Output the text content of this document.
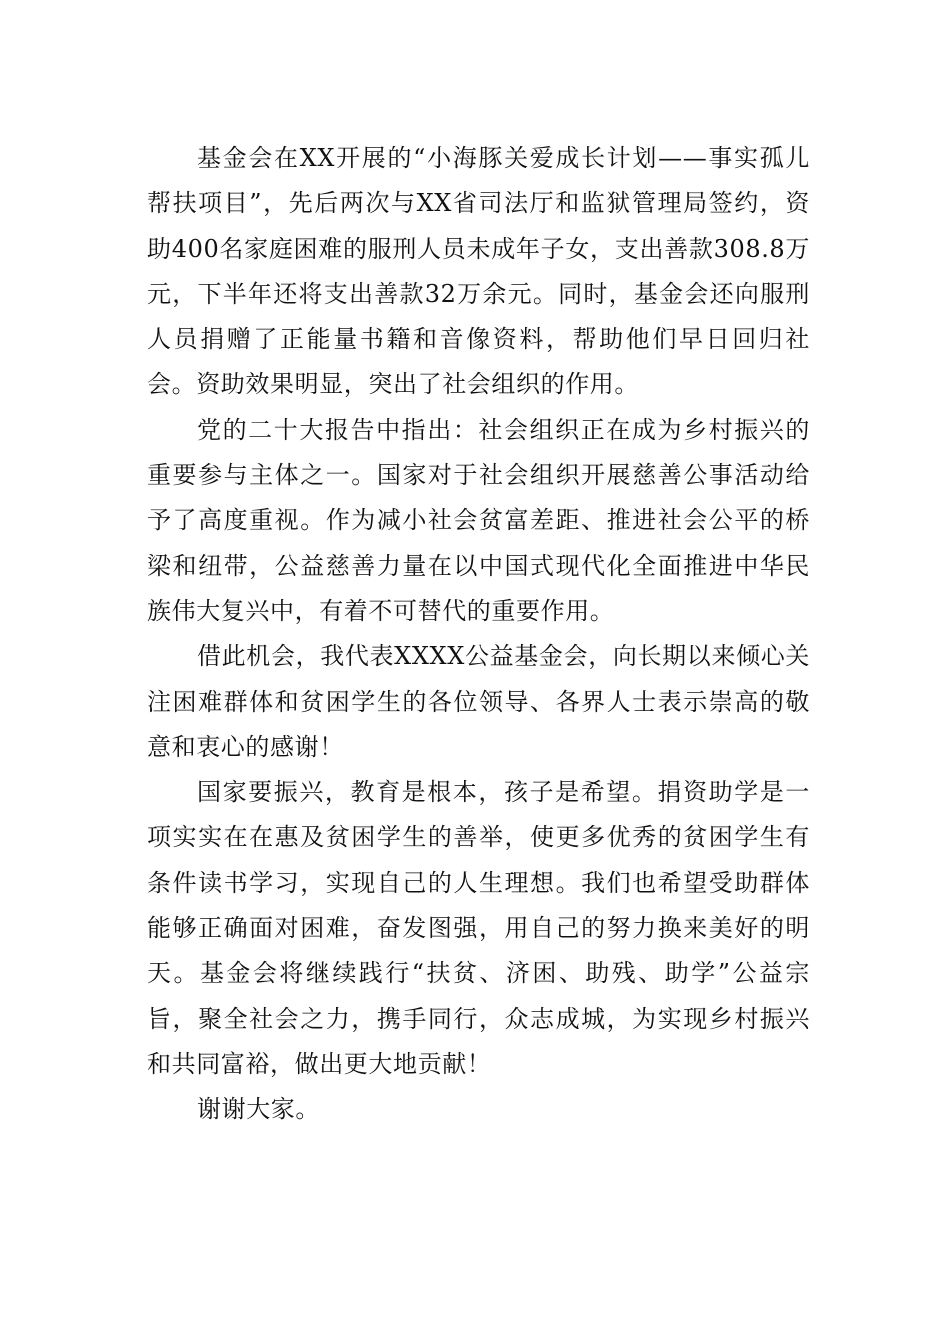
基金会在XX开展的“小海豚关爱成长计划——事实孤儿帮扶项目”，先后两次与XX省司法厅和监狱管理局签约，资助400名家庭困难的服刑人员未成年子女，支出善款308.8万元，下半年还将支出善款32万余元。同时，基金会还向服刑人员捐赠了正能量书籍和音像资料，帮助他们早日回归社会。资助效果明显，突出了社会组织的作用。

党的二十大报告中指出：社会组织正在成为乡村振兴的重要参与主体之一。国家对于社会组织开展慈善公事活动给予了高度重视。作为减小社会贫富差距、推进社会公平的桥梁和纽带，公益慈善力量在以中国式现代化全面推进中华民族伟大复兴中，有着不可替代的重要作用。

借此机会，我代表XXXX公益基金会，向长期以来倾心关注困难群体和贫困学生的各位领导、各界人士表示崇高的敬意和衷心的感谢！

国家要振兴，教育是根本，孩子是希望。捐资助学是一项实实在在惠及贫困学生的善举，使更多优秀的贫困学生有条件读书学习，实现自己的人生理想。我们也希望受助群体能够正确面对困难，奋发图强，用自己的努力换来美好的明天。基金会将继续践行“扶贫、济困、助残、助学”公益宗旨，聚全社会之力，携手同行，众志成城，为实现乡村振兴和共同富裕，做出更大地贡献！

谢谢大家。
